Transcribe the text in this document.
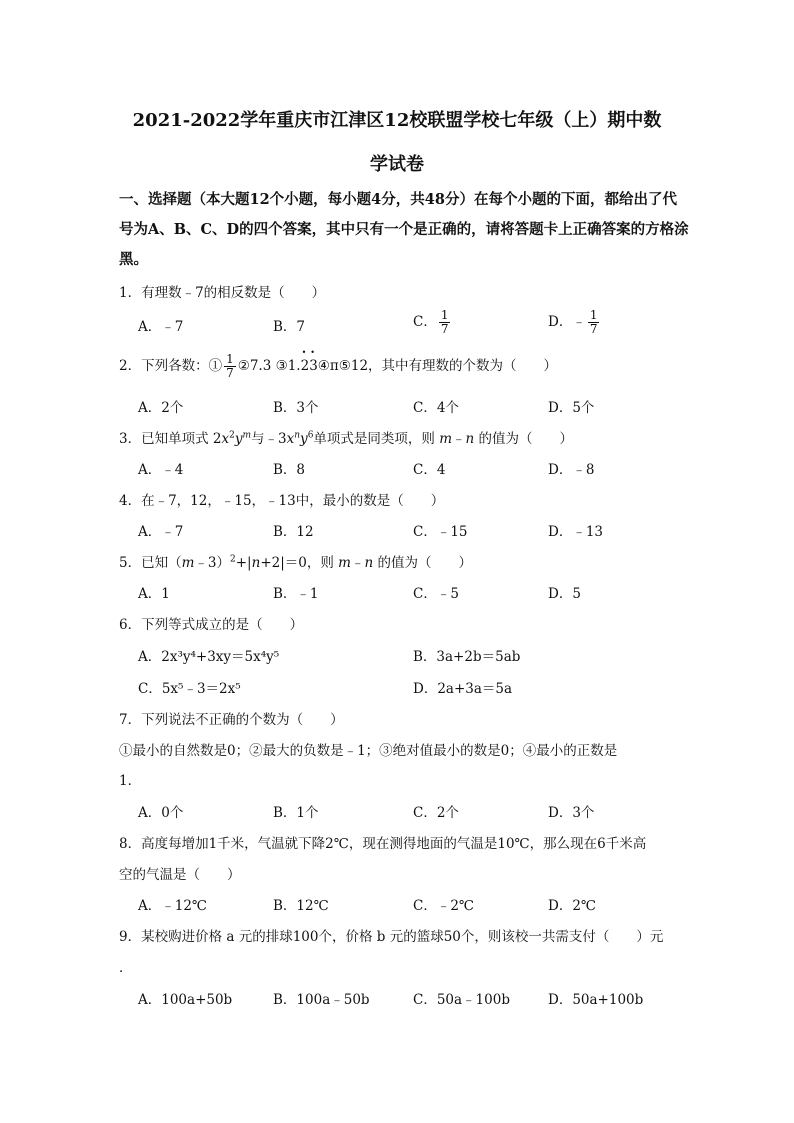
2021-2022学年重庆市江津区12校联盟学校七年级（上）期中数
学试卷
一、选择题（本大题12个小题，每小题4分，共48分）在每个小题的下面，都给出了代
号为A、B、C、D的四个答案，其中只有一个是正确的，请将答题卡上正确答案的方格涂
黑。
1．有理数﹣7的相反数是（　　）
A．﹣7	B．7	C． $\frac{1}{7}$	D．﹣ $\frac{1}{7}$
2．下列各数：① $\frac{1}{7}$ ②7.3 ③1.• 2• 3④π⑤12，其中有理数的个数为（　　）
A．2个	B．3个	C．4个	D．5个
3．已知单项式 $2x^2y^m$与$﹣3x^ny^6$单项式是同类项，则 m﹣n 的值为（　　）
A．﹣4	B．8	C．4	D．﹣8
4．在﹣7，12，﹣15，﹣13中，最小的数是（　　）
A．﹣7	B．12	C．﹣15	D．﹣13
5．已知（m﹣3）$^2$+|n+2|＝0，则 m﹣n 的值为（　　）
A．1	B．﹣1	C．﹣5	D．5
6．下列等式成立的是（　　）
A．2x³y⁴+3xy＝5x⁴y⁵	B．3a+2b＝5ab
C．5x⁵﹣3＝2x⁵	D．2a+3a＝5a
7．下列说法不正确的个数为（　　）
①最小的自然数是0；②最大的负数是﹣1；③绝对值最小的数是0；④最小的正数是
1．
A．0个	B．1个	C．2个	D．3个
8．高度每增加1千米，气温就下降2℃，现在测得地面的气温是10℃，那么现在6千米高
空的气温是（　　）
A．﹣12℃	B．12℃	C．﹣2℃	D．2℃
9．某校购进价格 a 元的排球100个，价格 b 元的篮球50个，则该校一共需支付（　　）元
．
A．100a+50b	B．100a﹣50b	C．50a﹣100b	D．50a+100b
